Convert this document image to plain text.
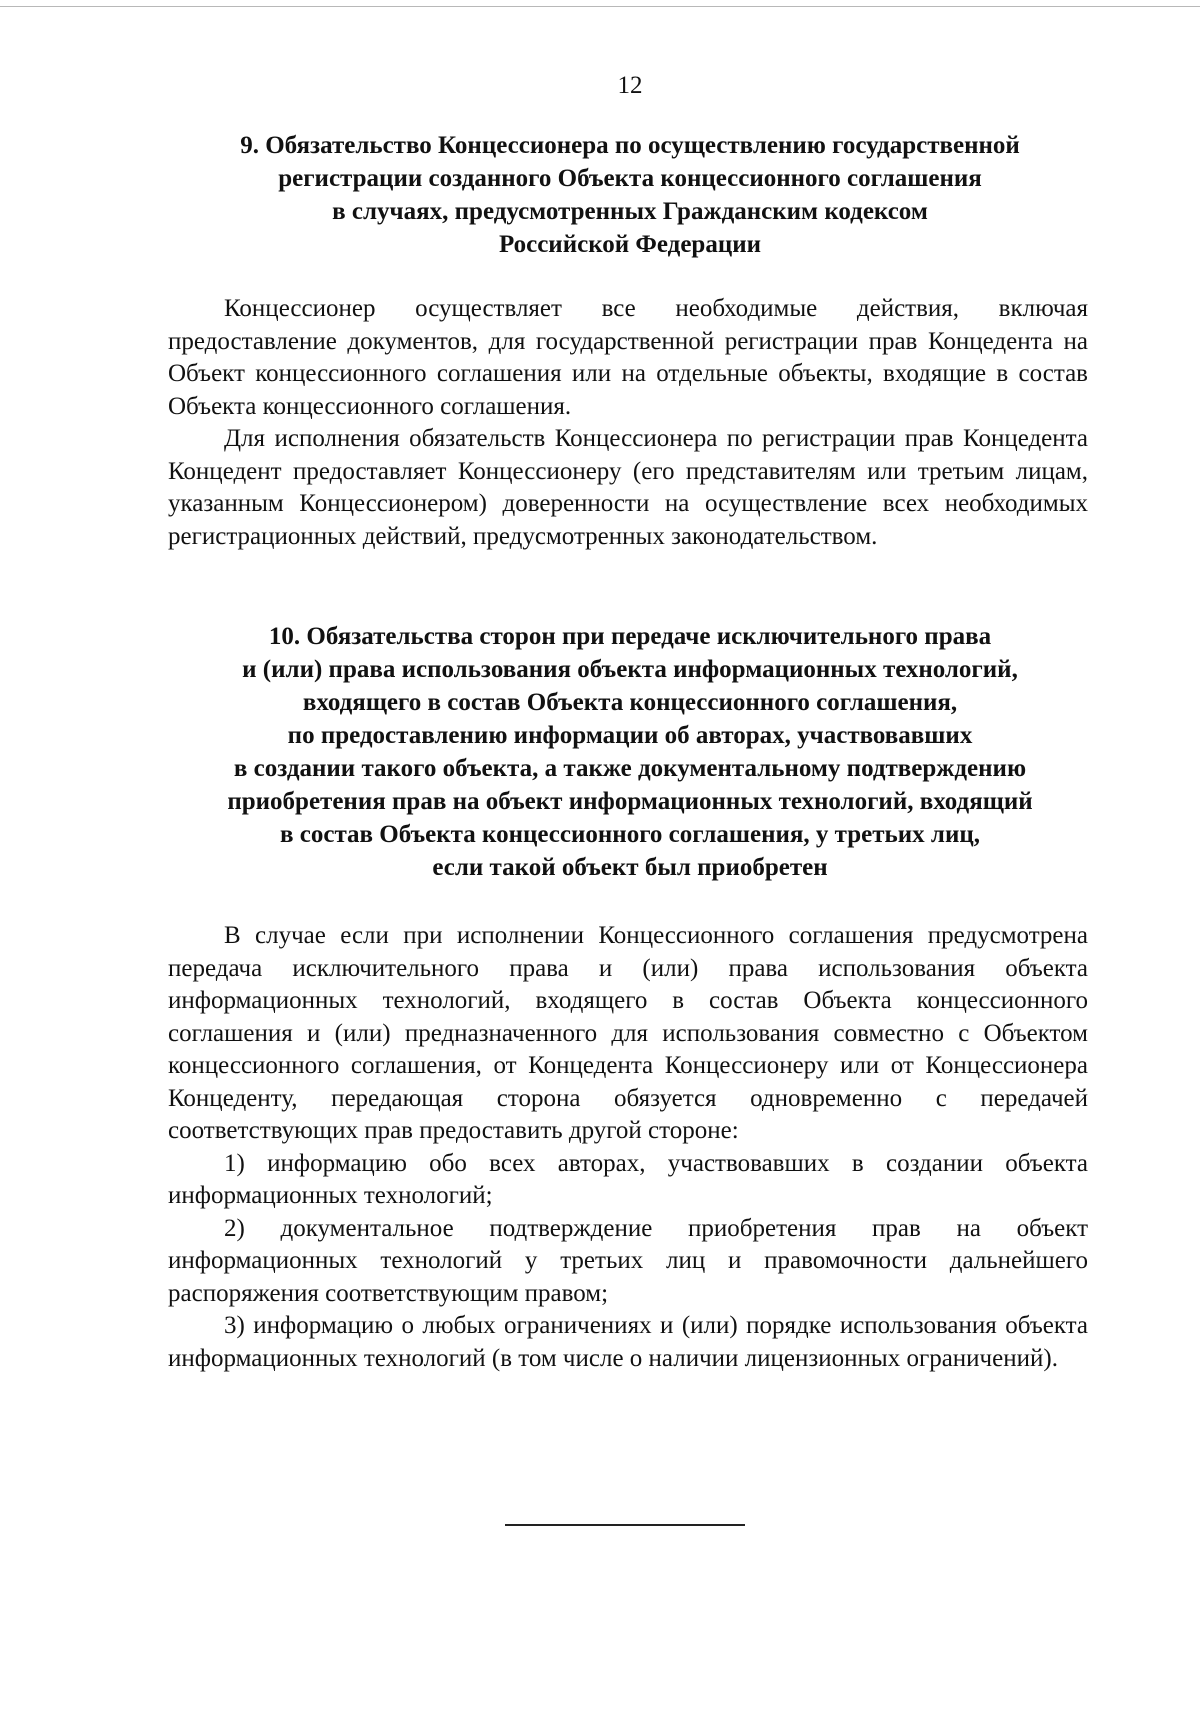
12
9. Обязательство Концессионера по осуществлению государственной
регистрации созданного Объекта концессионного соглашения
в случаях, предусмотренных Гражданским кодексом
Российской Федерации

Концессионер осуществляет все необходимые действия, включая предоставление документов, для государственной регистрации прав Концедента на Объект концессионного соглашения или на отдельные объекты, входящие в состав Объекта концессионного соглашения.

Для исполнения обязательств Концессионера по регистрации прав Концедента Концедент предоставляет Концессионеру (его представителям или третьим лицам, указанным Концессионером) доверенности на осуществление всех необходимых регистрационных действий, предусмотренных законодательством.

10. Обязательства сторон при передаче исключительного права
и (или) права использования объекта информационных технологий,
входящего в состав Объекта концессионного соглашения,
по предоставлению информации об авторах, участвовавших
в создании такого объекта, а также документальному подтверждению
приобретения прав на объект информационных технологий, входящий
в состав Объекта концессионного соглашения, у третьих лиц,
если такой объект был приобретен

В случае если при исполнении Концессионного соглашения предусмотрена передача исключительного права и (или) права использования объекта информационных технологий, входящего в состав Объекта концессионного соглашения и (или) предназначенного для использования совместно с Объектом концессионного соглашения, от Концедента Концессионеру или от Концессионера Концеденту, передающая сторона обязуется одновременно с передачей соответствующих прав предоставить другой стороне:

1) информацию обо всех авторах, участвовавших в создании объекта информационных технологий;

2) документальное подтверждение приобретения прав на объект информационных технологий у третьих лиц и правомочности дальнейшего распоряжения соответствующим правом;

3) информацию о любых ограничениях и (или) порядке использования объекта информационных технологий (в том числе о наличии лицензионных ограничений).
